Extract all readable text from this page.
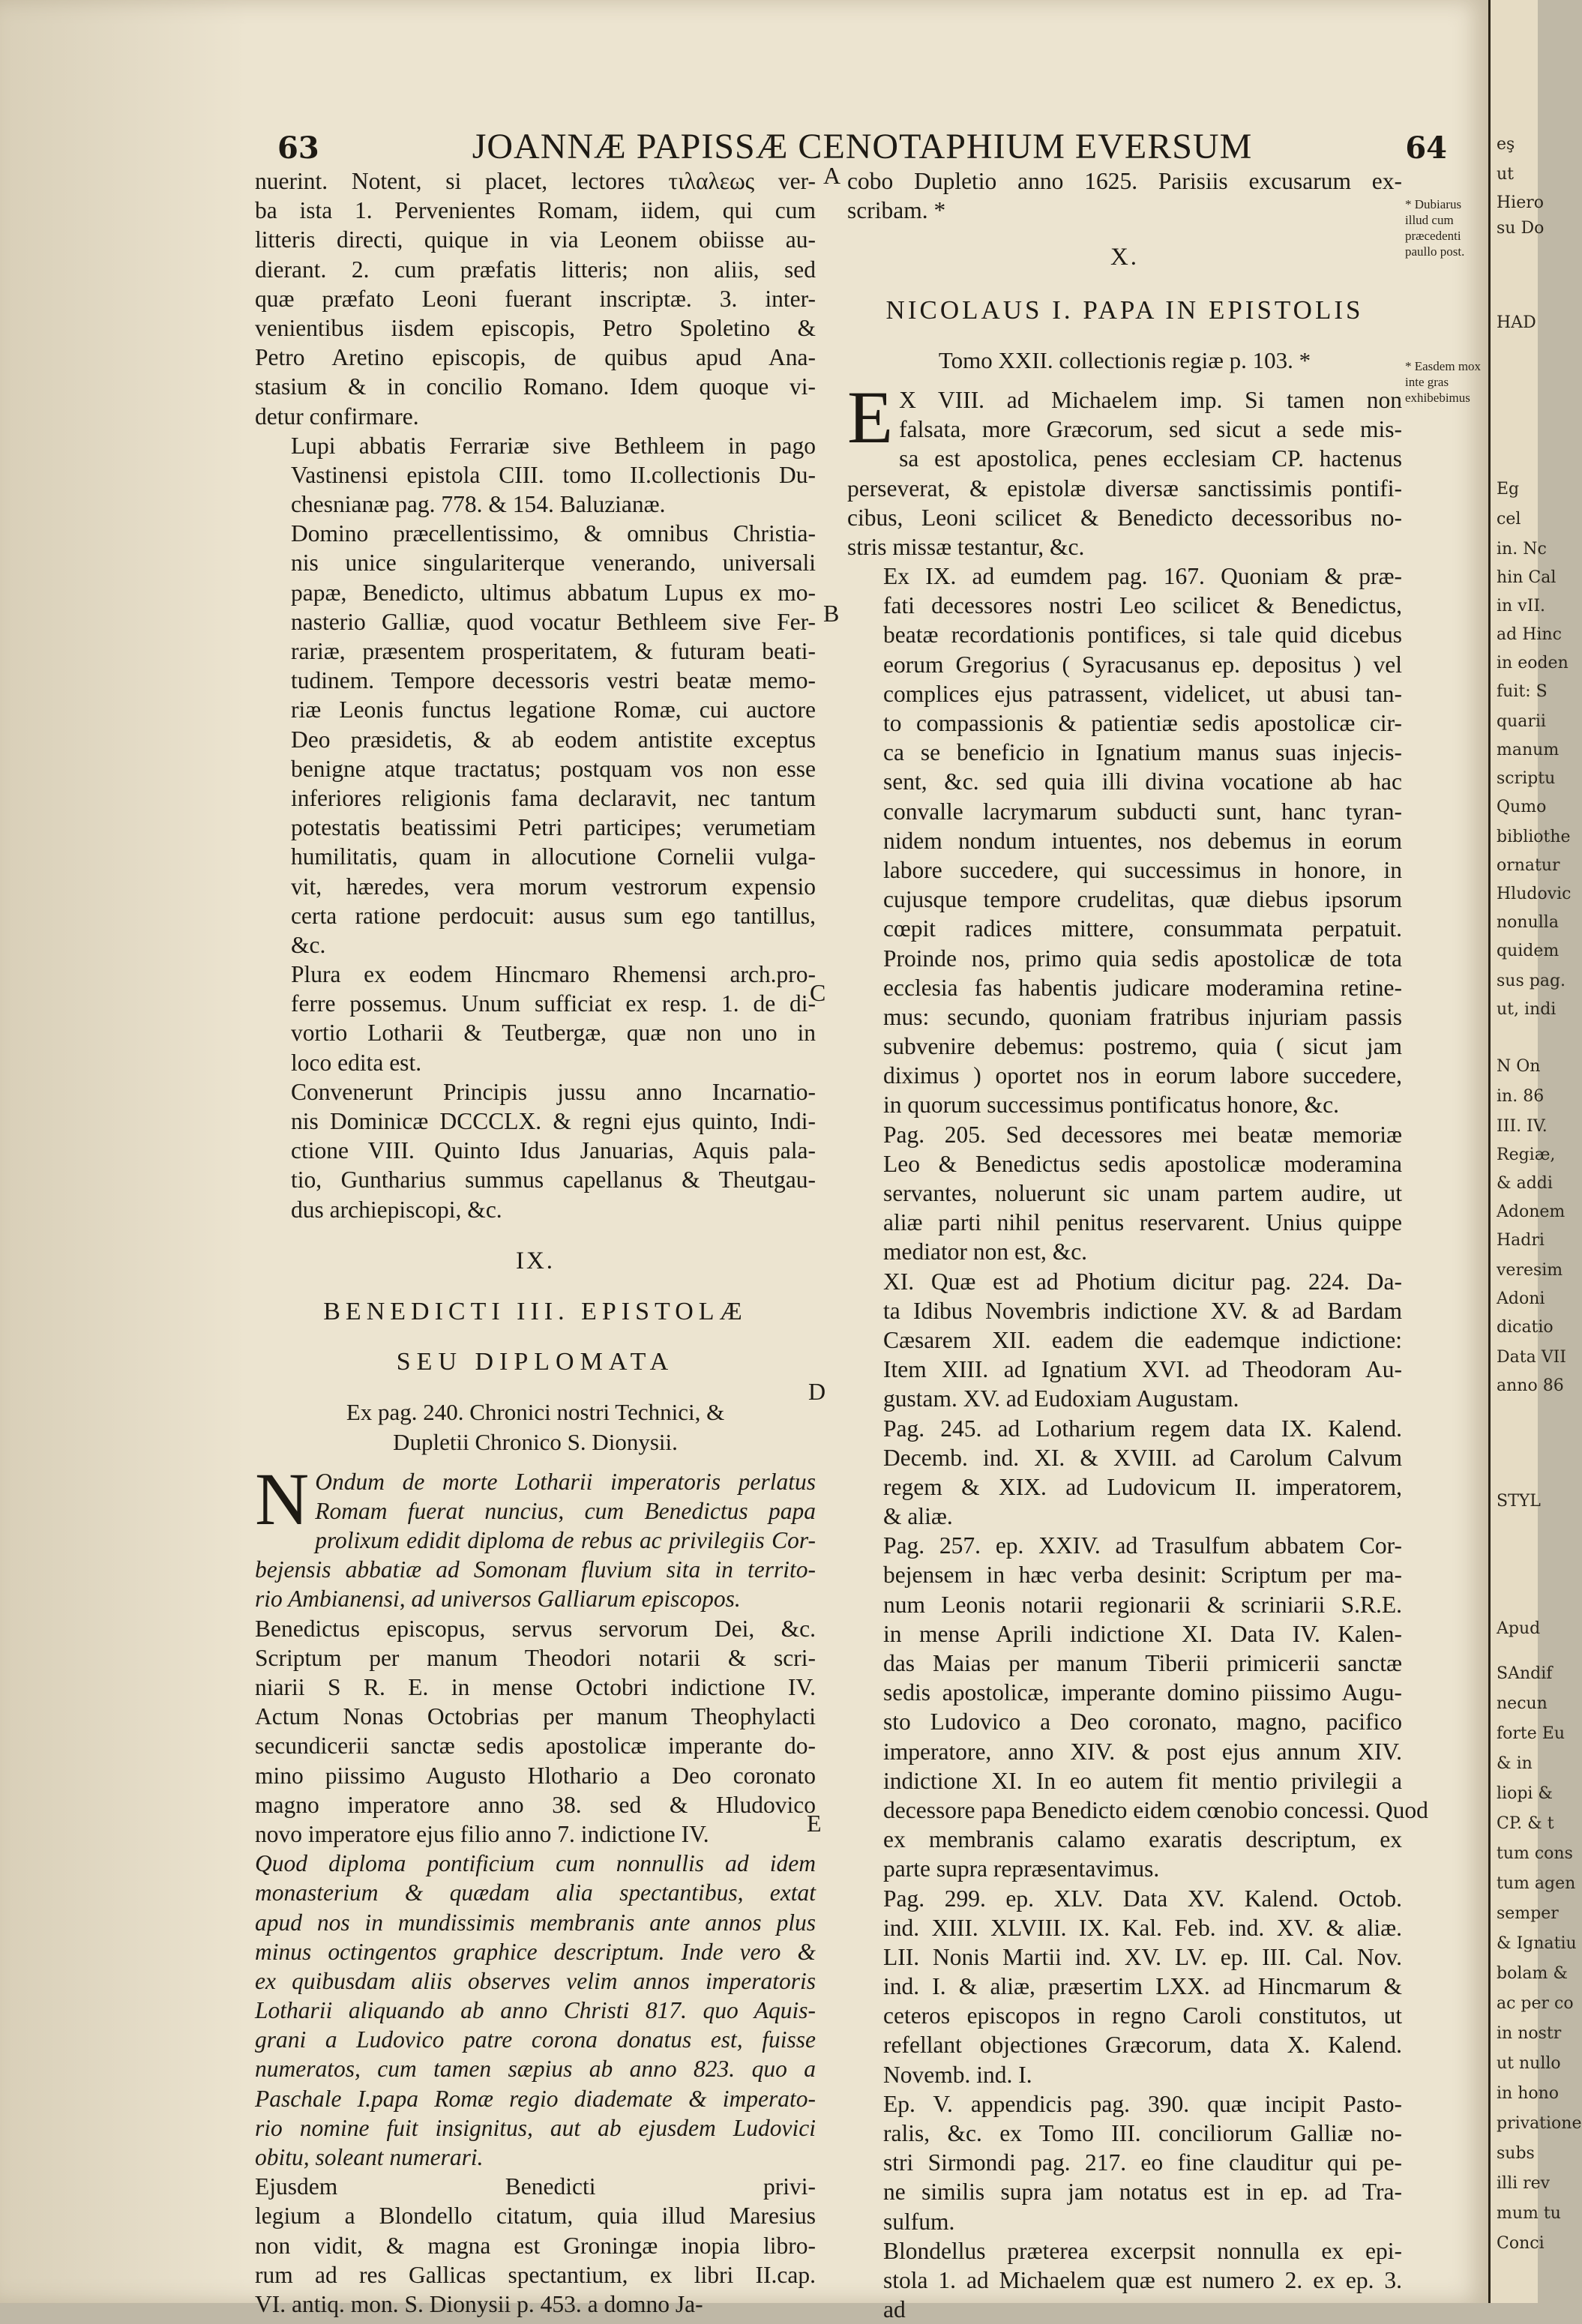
63	JOANNÆ PAPISSÆ CENOTAPHIUM EVERSUM	64

nuerint. Notent, si placet, lectores τιλαλεως ver-
ba ista 1. Pervenientes Romam, iidem, qui cum
litteris directi, quique in via Leonem obiisse au-
dierant. 2. cum præfatis litteris; non aliis, sed
quæ præfato Leoni fuerant inscriptæ. 3. inter-
venientibus iisdem episcopis, Petro Spoletino &
Petro Aretino episcopis, de quibus apud Ana-
stasium & in concilio Romano. Idem quoque vi-
detur confirmare.

Lupi abbatis Ferrariæ sive Bethleem in pago
Vastinensi epistola CIII. tomo II.collectionis Du-
chesnianæ pag. 778. & 154. Baluzianæ.

Domino præcellentissimo, & omnibus Christia-
nis unice singulariterque venerando, universali
papæ, Benedicto, ultimus abbatum Lupus ex mo-
nasterio Galliæ, quod vocatur Bethleem sive Fer-
rariæ, præsentem prosperitatem, & futuram beati-
tudinem. Tempore decessoris vestri beatæ memo-
riæ Leonis functus legatione Romæ, cui auctore
Deo præsidetis, & ab eodem antistite exceptus
benigne atque tractatus; postquam vos non esse
inferiores religionis fama declaravit, nec tantum
potestatis beatissimi Petri participes; verumetiam
humilitatis, quam in allocutione Cornelii vulga-
vit, hæredes, vera morum vestrorum expensio
certa ratione perdocuit: ausus sum ego tantillus,
&c.

Plura ex eodem Hincmaro Rhemensi arch.pro-
ferre possemus. Unum sufficiat ex resp. 1. de di-
vortio Lotharii & Teutbergæ, quæ non uno in
loco edita est.

Convenerunt Principis jussu anno Incarnatio-
nis Dominicæ DCCCLX. & regni ejus quinto, Indi-
ctione VIII. Quinto Idus Januarias, Aquis pala-
tio, Guntharius summus capellanus & Theutgau-
dus archiepiscopi, &c.

IX.
BENEDICTI III. EPISTOLÆ
SEU DIPLOMATA
Ex pag. 240. Chronici nostri Technici, &
Dupletii Chronico S. Dionysii.
N Ondum de morte Lotharii imperatoris perlatus
Romam fuerat nuncius, cum Benedictus papa
prolixum edidit diploma de rebus ac privilegiis Cor-
bejensis abbatiæ ad Somonam fluvium sita in territo-
rio Ambianensi, ad universos Galliarum episcopos.

Benedictus episcopus, servus servorum Dei, &c.
Scriptum per manum Theodori notarii & scri-
niarii S R. E. in mense Octobri indictione IV.
Actum Nonas Octobrias per manum Theophylacti
secundicerii sanctæ sedis apostolicæ imperante do-
mino piissimo Augusto Hlothario a Deo coronato
magno imperatore anno 38. sed & Hludovico
novo imperatore ejus filio anno 7. indictione IV.

Quod diploma pontificium cum nonnullis ad idem
monasterium & quædam alia spectantibus, extat
apud nos in mundissimis membranis ante annos plus
minus octingentos graphice descriptum. Inde vero &
ex quibusdam aliis observes velim annos imperatoris
Lotharii aliquando ab anno Christi 817. quo Aquis-
grani a Ludovico patre corona donatus est, fuisse
numeratos, cum tamen sæpius ab anno 823. quo a
Paschale I.papa Romæ regio diademate & imperato-
rio nomine fuit insignitus, aut ab ejusdem Ludovici
obitu, soleant numerari.

Ejusdem Benedicti privi-
legium a Blondello citatum, quia illud Maresius
non vidit, & magna est Groningæ inopia libro-
rum ad res Gallicas spectantium, ex libri II.cap.
VI. antiq. mon. S. Dionysii p. 453. a domno Ja-

A
B
C
D
E

cobo Dupletio anno 1625. Parisiis excusarum ex-
scribam. *

X.
NICOLAUS I. PAPA IN EPISTOLIS
Tomo XXII. collectionis regiæ p. 103. *
E X VIII. ad Michaelem imp. Si tamen non
falsata, more Græcorum, sed sicut a sede mis-
sa est apostolica, penes ecclesiam CP. hactenus
perseverat, & epistolæ diversæ sanctissimis pontifi-
cibus, Leoni scilicet & Benedicto decessoribus no-
stris missæ testantur, &c.

Ex IX. ad eumdem pag. 167. Quoniam & præ-
fati decessores nostri Leo scilicet & Benedictus,
beatæ recordationis pontifices, si tale quid dicebus
eorum Gregorius ( Syracusanus ep. depositus ) vel
complices ejus patrassent, videlicet, ut abusi tan-
to compassionis & patientiæ sedis apostolicæ cir-
ca se beneficio in Ignatium manus suas injecis-
sent, &c. sed quia illi divina vocatione ab hac
convalle lacrymarum subducti sunt, hanc tyran-
nidem nondum intuentes, nos debemus in eorum
labore succedere, qui successimus in honore, in
cujusque tempore crudelitas, quæ diebus ipsorum
cœpit radices mittere, consummata perpatuit.
Proinde nos, primo quia sedis apostolicæ de tota
ecclesia fas habentis judicare moderamina retine-
mus: secundo, quoniam fratribus injuriam passis
subvenire debemus: postremo, quia ( sicut jam
diximus ) oportet nos in eorum labore succedere,
in quorum successimus pontificatus honore, &c.

Pag. 205. Sed decessores mei beatæ memoriæ
Leo & Benedictus sedis apostolicæ moderamina
servantes, noluerunt sic unam partem audire, ut
aliæ parti nihil penitus reservarent. Unius quippe
mediator non est, &c.

XI. Quæ est ad Photium dicitur pag. 224. Da-
ta Idibus Novembris indictione XV. & ad Bardam
Cæsarem XII. eadem die eademque indictione:
Item XIII. ad Ignatium XVI. ad Theodoram Au-
gustam. XV. ad Eudoxiam Augustam.

Pag. 245. ad Lotharium regem data IX. Kalend.
Decemb. ind. XI. & XVIII. ad Carolum Calvum
regem & XIX. ad Ludovicum II. imperatorem,
& aliæ.

Pag. 257. ep. XXIV. ad Trasulfum abbatem Cor-
bejensem in hæc verba desinit: Scriptum per ma-
num Leonis notarii regionarii & scriniarii S.R.E.
in mense Aprili indictione XI. Data IV. Kalen-
das Maias per manum Tiberii primicerii sanctæ
sedis apostolicæ, imperante domino piissimo Augu-
sto Ludovico a Deo coronato, magno, pacifico
imperatore, anno XIV. & post ejus annum XIV.
indictione XI. In eo autem fit mentio privilegii a
decessore papa Benedicto eidem cœnobio concessi. Quod
ex membranis calamo exaratis descriptum, ex
parte supra repræsentavimus.

Pag. 299. ep. XLV. Data XV. Kalend. Octob.
ind. XIII. XLVIII. IX. Kal. Feb. ind. XV. & aliæ.
LII. Nonis Martii ind. XV. LV. ep. III. Cal. Nov.
ind. I. & aliæ, præsertim LXX. ad Hincmarum &
ceteros episcopos in regno Caroli constitutos, ut
refellant objectiones Græcorum, data X. Kalend.
Novemb. ind. I.

Ep. V. appendicis pag. 390. quæ incipit Pasto-
ralis, &c. ex Tomo III. conciliorum Galliæ no-
stri Sirmondi pag. 217. eo fine clauditur qui pe-
ne similis supra jam notatus est in ep. ad Tra-
sulfum.

Blondellus præterea excerpsit nonnulla ex epi-
stola 1. ad Michaelem quæ est numero 2. ex ep. 3.
ad

* Dubiarus illud cum præcedenti paullo post.
* Easdem mox inte gras exhibebimus
eş
ut
Hiero
su Do
HAD
Eg
cel
in. Nc
hin Cal
in vII.
ad Hinc
in eoden
fuit: S
quarii
manum
scriptu
Qumo
bibliothe
ornatur
Hludovic
nonulla
quidem
sus pag.
ut, indi
N On
in. 86
III. IV.
Regiæ,
& addi
Adonem
Hadri
veresim
Adoni
dicatio
Data VII
anno 86
STYL
Apud
SAndif
necun
forte Eu
& in
liopi &
CP. & t
tum cons
tum agen
semper
& Ignatiu
bolam &
ac per co
in nostr
ut nullo
in hono
privatione
subs
illi rev
mum tu
Conci
